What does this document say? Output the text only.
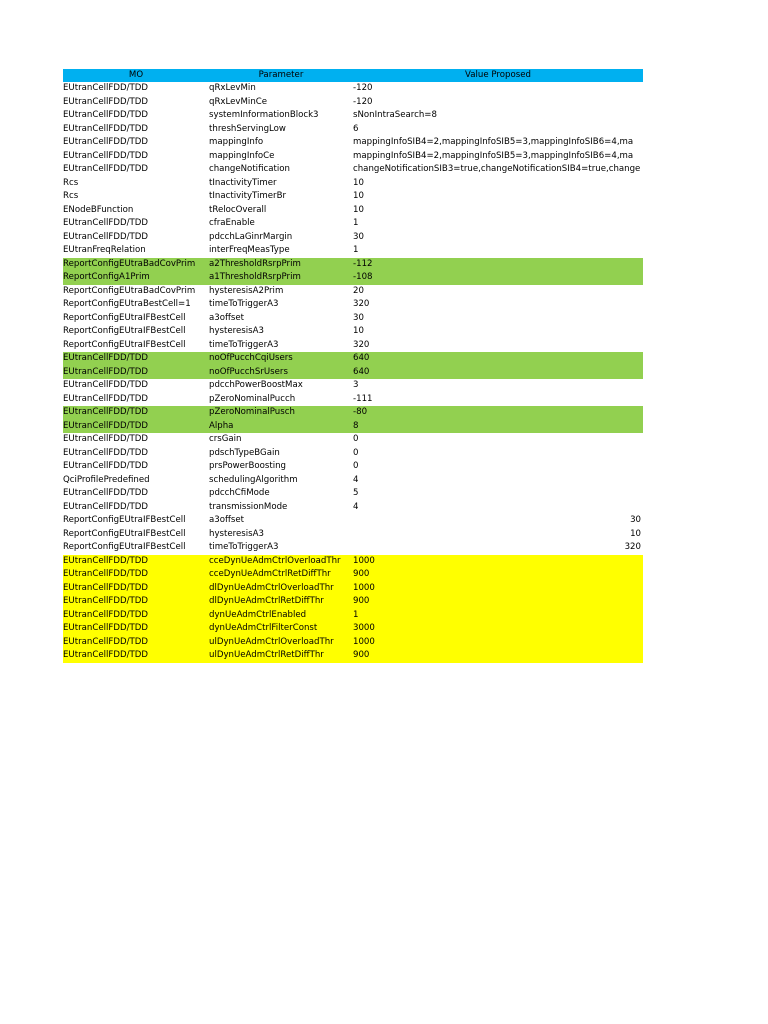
MO	Parameter	Value Proposed
EUtranCellFDD/TDD	qRxLevMin	-120
EUtranCellFDD/TDD	qRxLevMinCe	-120
EUtranCellFDD/TDD	systemInformationBlock3	sNonIntraSearch=8
EUtranCellFDD/TDD	threshServingLow	6
EUtranCellFDD/TDD	mappingInfo	mappingInfoSIB4=2,mappingInfoSIB5=3,mappingInfoSIB6=4,ma
EUtranCellFDD/TDD	mappingInfoCe	mappingInfoSIB4=2,mappingInfoSIB5=3,mappingInfoSIB6=4,ma
EUtranCellFDD/TDD	changeNotification	changeNotificationSIB3=true,changeNotificationSIB4=true,change
Rcs	tInactivityTimer	10
Rcs	tInactivityTimerBr	10
ENodeBFunction	tRelocOverall	10
EUtranCellFDD/TDD	cfraEnable	1
EUtranCellFDD/TDD	pdcchLaGinrMargin	30
EUtranFreqRelation	interFreqMeasType	1
ReportConfigEUtraBadCovPrim	a2ThresholdRsrpPrim	-112
ReportConfigA1Prim	a1ThresholdRsrpPrim	-108
ReportConfigEUtraBadCovPrim	hysteresisA2Prim	20
ReportConfigEUtraBestCell=1	timeToTriggerA3	320
ReportConfigEUtraIFBestCell	a3offset	30
ReportConfigEUtraIFBestCell	hysteresisA3	10
ReportConfigEUtraIFBestCell	timeToTriggerA3	320
EUtranCellFDD/TDD	noOfPucchCqiUsers	640
EUtranCellFDD/TDD	noOfPucchSrUsers	640
EUtranCellFDD/TDD	pdcchPowerBoostMax	3
EUtranCellFDD/TDD	pZeroNominalPucch	-111
EUtranCellFDD/TDD	pZeroNominalPusch	-80
EUtranCellFDD/TDD	Alpha	8
EUtranCellFDD/TDD	crsGain	0
EUtranCellFDD/TDD	pdschTypeBGain	0
EUtranCellFDD/TDD	prsPowerBoosting	0
QciProfilePredefined	schedulingAlgorithm	4
EUtranCellFDD/TDD	pdcchCfiMode	5
EUtranCellFDD/TDD	transmissionMode	4
ReportConfigEUtraIFBestCell	a3offset	30
ReportConfigEUtraIFBestCell	hysteresisA3	10
ReportConfigEUtraIFBestCell	timeToTriggerA3	320
EUtranCellFDD/TDD	cceDynUeAdmCtrlOverloadThr	1000
EUtranCellFDD/TDD	cceDynUeAdmCtrlRetDiffThr	900
EUtranCellFDD/TDD	dlDynUeAdmCtrlOverloadThr	1000
EUtranCellFDD/TDD	dlDynUeAdmCtrlRetDiffThr	900
EUtranCellFDD/TDD	dynUeAdmCtrlEnabled	1
EUtranCellFDD/TDD	dynUeAdmCtrlFilterConst	3000
EUtranCellFDD/TDD	ulDynUeAdmCtrlOverloadThr	1000
EUtranCellFDD/TDD	ulDynUeAdmCtrlRetDiffThr	900
